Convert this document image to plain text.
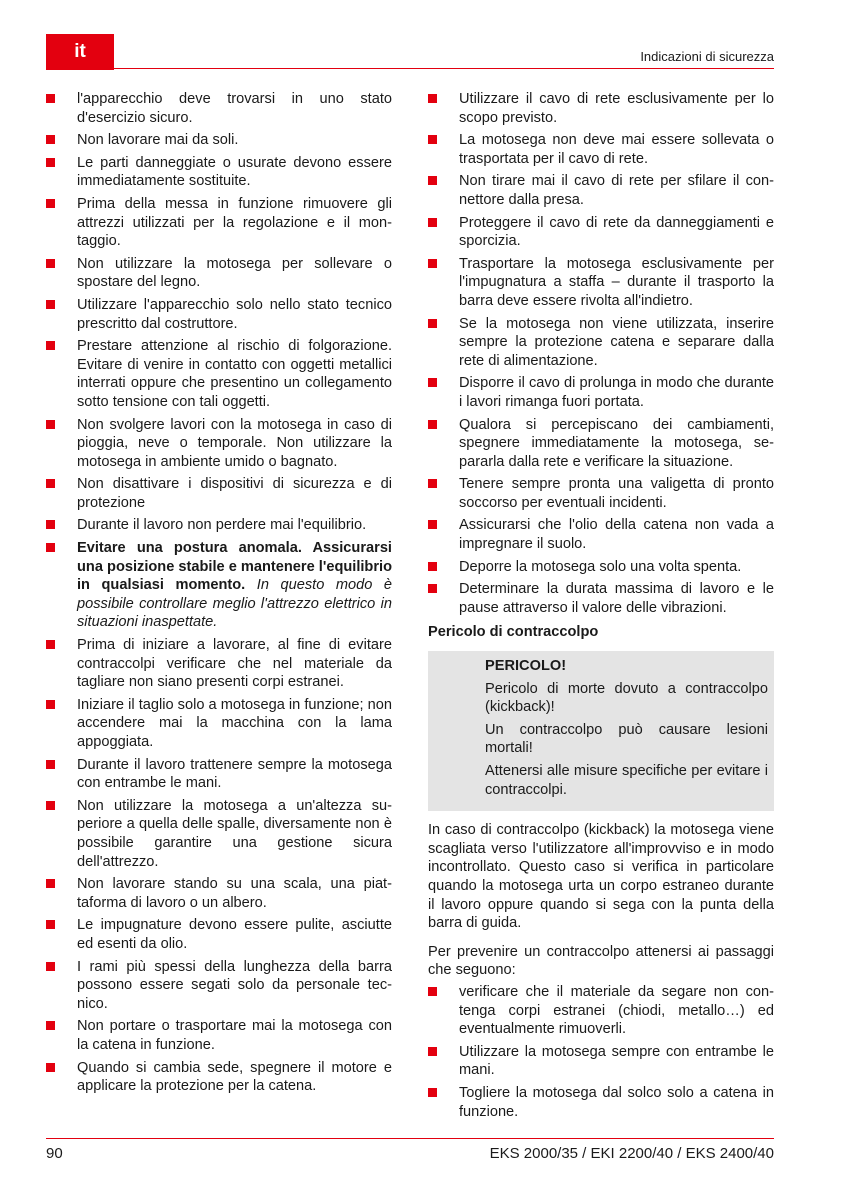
it	Indicazioni di sicurezza
l'apparecchio deve trovarsi in uno stato d'esercizio sicuro.
Non lavorare mai da soli.
Le parti danneggiate o usurate devono essere immediatamente sostituite.
Prima della messa in funzione rimuovere gli attrezzi utilizzati per la regolazione e il montaggio.
Non utilizzare la motosega per sollevare o spostare del legno.
Utilizzare l'apparecchio solo nello stato tecnico prescritto dal costruttore.
Prestare attenzione al rischio di folgorazione. Evitare di venire in contatto con oggetti metallici interrati oppure che presentino un collegamento sotto tensione con tali oggetti.
Non svolgere lavori con la motosega in caso di pioggia, neve o temporale. Non utilizzare la motosega in ambiente umido o bagnato.
Non disattivare i dispositivi di sicurezza e di protezione
Durante il lavoro non perdere mai l'equilibrio.
Evitare una postura anomala. Assicurarsi una posizione stabile e mantenere l'equilibrio in qualsiasi momento. In questo modo è possibile controllare meglio l'attrezzo elettrico in situazioni inaspettate.
Prima di iniziare a lavorare, al fine di evitare contraccolpi verificare che nel materiale da tagliare non siano presenti corpi estranei.
Iniziare il taglio solo a motosega in funzione; non accendere mai la macchina con la lama appoggiata.
Durante il lavoro trattenere sempre la motosega con entrambe le mani.
Non utilizzare la motosega a un'altezza superiore a quella delle spalle, diversamente non è possibile garantire una gestione sicura dell'attrezzo.
Non lavorare stando su una scala, una piattaforma di lavoro o un albero.
Le impugnature devono essere pulite, asciutte ed esenti da olio.
I rami più spessi della lunghezza della barra possono essere segati solo da personale tecnico.
Non portare o trasportare mai la motosega con la catena in funzione.
Quando si cambia sede, spegnere il motore e applicare la protezione per la catena.
Utilizzare il cavo di rete esclusivamente per lo scopo previsto.
La motosega non deve mai essere sollevata o trasportata per il cavo di rete.
Non tirare mai il cavo di rete per sfilare il connettore dalla presa.
Proteggere il cavo di rete da danneggiamenti e sporcizia.
Trasportare la motosega esclusivamente per l'impugnatura a staffa – durante il trasporto la barra deve essere rivolta all'indietro.
Se la motosega non viene utilizzata, inserire sempre la protezione catena e separare dalla rete di alimentazione.
Disporre il cavo di prolunga in modo che durante i lavori rimanga fuori portata.
Qualora si percepiscano dei cambiamenti, spegnere immediatamente la motosega, separarla dalla rete e verificare la situazione.
Tenere sempre pronta una valigetta di pronto soccorso per eventuali incidenti.
Assicurarsi che l'olio della catena non vada a impregnare il suolo.
Deporre la motosega solo una volta spenta.
Determinare la durata massima di lavoro e le pause attraverso il valore delle vibrazioni.
Pericolo di contraccolpo
PERICOLO!

Pericolo di morte dovuto a contraccolpo (kickback)!

Un contraccolpo può causare lesioni mortali!

Attenersi alle misure specifiche per evitare i contraccolpi.

In caso di contraccolpo (kickback) la motosega viene scagliata verso l'utilizzatore all'improvviso e in modo incontrollato. Questo caso si verifica in particolare quando la motosega urta un corpo estraneo durante il lavoro oppure quando si sega con la punta della barra di guida.

Per prevenire un contraccolpo attenersi ai passaggi che seguono:

verificare che il materiale da segare non contenga corpi estranei (chiodi, metallo…) ed eventualmente rimuoverli.
Utilizzare la motosega sempre con entrambe le mani.
Togliere la motosega dal solco solo a catena in funzione.
90	EKS 2000/35 / EKI 2200/40 / EKS 2400/40
